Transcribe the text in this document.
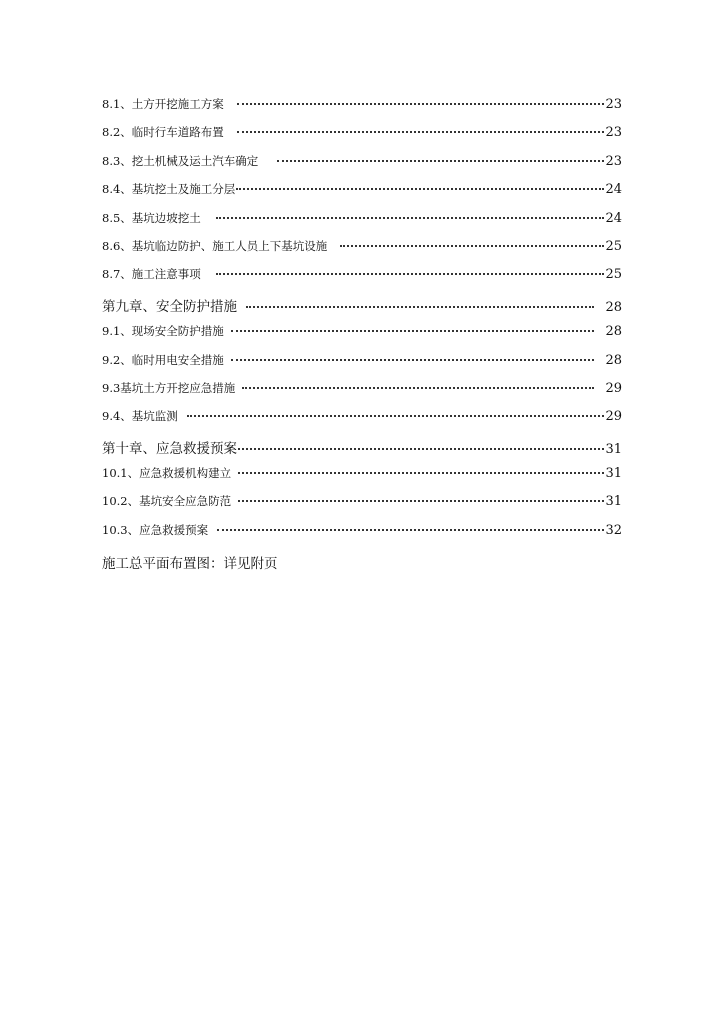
8.1、土方开挖施工方案	23
8.2、临时行车道路布置	23
8.3、挖土机械及运土汽车确定	23
8.4、基坑挖土及施工分层	24
8.5、基坑边坡挖土	24
8.6、基坑临边防护、施工人员上下基坑设施	25
8.7、施工注意事项	25
第九章、安全防护措施	28
9.1、现场安全防护措施	28
9.2、临时用电安全措施	28
9.3基坑土方开挖应急措施	29
9.4、基坑监测	29
第十章、应急救援预案	31
10.1、应急救援机构建立	31
10.2、基坑安全应急防范	31
10.3、应急救援预案	32
施工总平面布置图：详见附页
